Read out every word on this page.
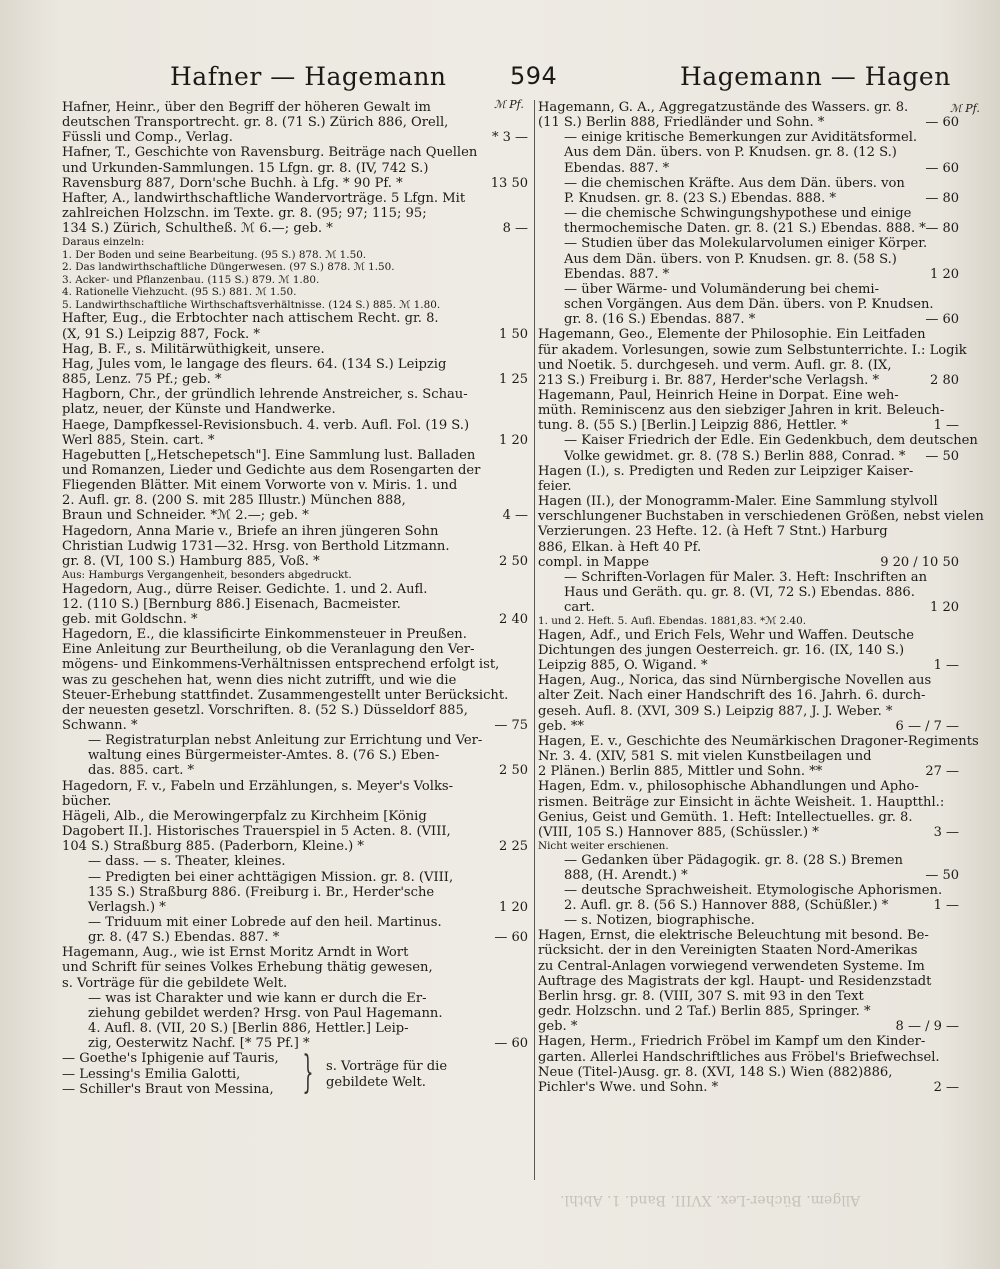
Hafner — Hagemann	594	Hagemann — Hagen
ℳ Pf.	ℳ Pf.
Hafner, Heinr., über den Begriff der höheren Gewalt im
deutschen Transportrecht. gr. 8. (71 S.) Zürich 886, Orell,
Füssli und Comp., Verlag.	* 3 —
Hafner, T., Geschichte von Ravensburg. Beiträge nach Quellen
und Urkunden-Sammlungen. 15 Lfgn. gr. 8. (IV, 742 S.)
Ravensburg 887, Dorn'sche Buchh. à Lfg. * 90 Pf. *	13 50
Hafter, A., landwirthschaftliche Wandervorträge. 5 Lfgn. Mit
zahlreichen Holzschn. im Texte. gr. 8. (95; 97; 115; 95;
134 S.) Zürich, Schultheß. ℳ 6.—; geb. *	8 —
Daraus einzeln:
1. Der Boden und seine Bearbeitung. (95 S.) 878. ℳ 1.50.
2. Das landwirthschaftliche Düngerwesen. (97 S.) 878. ℳ 1.50.
3. Acker- und Pflanzenbau. (115 S.) 879. ℳ 1.80.
4. Rationelle Viehzucht. (95 S.) 881. ℳ 1.50.
5. Landwirthschaftliche Wirthschaftsverhältnisse. (124 S.) 885. ℳ 1.80.
Hafter, Eug., die Erbtochter nach attischem Recht. gr. 8.
(X, 91 S.) Leipzig 887, Fock. *	1 50
Hag, B. F., s. Militärwüthigkeit, unsere.
Hag, Jules vom, le langage des fleurs. 64. (134 S.) Leipzig
885, Lenz. 75 Pf.; geb. *	1 25
Hagborn, Chr., der gründlich lehrende Anstreicher, s. Schau-
platz, neuer, der Künste und Handwerke.
Haege, Dampfkessel-Revisionsbuch. 4. verb. Aufl. Fol. (19 S.)
Werl 885, Stein. cart. *	1 20
Hagebutten [„Hetschepetsch"]. Eine Sammlung lust. Balladen
und Romanzen, Lieder und Gedichte aus dem Rosengarten der
Fliegenden Blätter. Mit einem Vorworte von v. Miris. 1. und
2. Aufl. gr. 8. (200 S. mit 285 Illustr.) München 888,
Braun und Schneider. *ℳ 2.—; geb. *	4 —
Hagedorn, Anna Marie v., Briefe an ihren jüngeren Sohn
Christian Ludwig 1731—32. Hrsg. von Berthold Litzmann.
gr. 8. (VI, 100 S.) Hamburg 885, Voß. *	2 50
Aus: Hamburgs Vergangenheit, besonders abgedruckt.
Hagedorn, Aug., dürre Reiser. Gedichte. 1. und 2. Aufl.
12. (110 S.) [Bernburg 886.] Eisenach, Bacmeister.
geb. mit Goldschn. *	2 40
Hagedorn, E., die klassificirte Einkommensteuer in Preußen.
Eine Anleitung zur Beurtheilung, ob die Veranlagung den Ver-
mögens- und Einkommens-Verhältnissen entsprechend erfolgt ist,
was zu geschehen hat, wenn dies nicht zutrifft, und wie die
Steuer-Erhebung stattfindet. Zusammengestellt unter Berücksicht.
der neuesten gesetzl. Vorschriften. 8. (52 S.) Düsseldorf 885,
Schwann. *	— 75
— Registraturplan nebst Anleitung zur Errichtung und Ver-
waltung eines Bürgermeister-Amtes. 8. (76 S.) Eben-
das. 885. cart. *	2 50
Hagedorn, F. v., Fabeln und Erzählungen, s. Meyer's Volks-
bücher.
Hägeli, Alb., die Merowingerpfalz zu Kirchheim [König
Dagobert II.]. Historisches Trauerspiel in 5 Acten. 8. (VIII,
104 S.) Straßburg 885. (Paderborn, Kleine.) *	2 25
— dass. — s. Theater, kleines.
— Predigten bei einer achttägigen Mission. gr. 8. (VIII,
135 S.) Straßburg 886. (Freiburg i. Br., Herder'sche
Verlagsh.) *	1 20
— Triduum mit einer Lobrede auf den heil. Martinus.
gr. 8. (47 S.) Ebendas. 887. *	— 60
Hagemann, Aug., wie ist Ernst Moritz Arndt in Wort
und Schrift für seines Volkes Erhebung thätig gewesen,
s. Vorträge für die gebildete Welt.
— was ist Charakter und wie kann er durch die Er-
ziehung gebildet werden? Hrsg. von Paul Hagemann.
4. Aufl. 8. (VII, 20 S.) [Berlin 886, Hettler.] Leip-
zig, Oesterwitz Nachf. [* 75 Pf.] *	— 60
— Goethe's Iphigenie auf Tauris,
— Lessing's Emilia Galotti,
— Schiller's Braut von Messina, } s. Vorträge für die gebildete Welt.
Hagemann, G. A., Aggregatzustände des Wassers. gr. 8.
(11 S.) Berlin 888, Friedländer und Sohn. *	— 60
— einige kritische Bemerkungen zur Aviditätsformel.
Aus dem Dän. übers. von P. Knudsen. gr. 8. (12 S.)
Ebendas. 887. *	— 60
— die chemischen Kräfte. Aus dem Dän. übers. von
P. Knudsen. gr. 8. (23 S.) Ebendas. 888. *	— 80
— die chemische Schwingungshypothese und einige
thermochemische Daten. gr. 8. (21 S.) Ebendas. 888. * — 80
— Studien über das Molekularvolumen einiger Körper.
Aus dem Dän. übers. von P. Knudsen. gr. 8. (58 S.)
Ebendas. 887. *	1 20
— über Wärme- und Volumänderung bei chemi-
schen Vorgängen. Aus dem Dän. übers. von P. Knudsen.
gr. 8. (16 S.) Ebendas. 887. *	— 60
Hagemann, Geo., Elemente der Philosophie. Ein Leitfaden
für akadem. Vorlesungen, sowie zum Selbstunterrichte. I.: Logik
und Noetik. 5. durchgeseh. und verm. Aufl. gr. 8. (IX,
213 S.) Freiburg i. Br. 887, Herder'sche Verlagsh. *	2 80
Hagemann, Paul, Heinrich Heine in Dorpat. Eine weh-
müth. Reminiscenz aus den siebziger Jahren in krit. Beleuch-
tung. 8. (55 S.) [Berlin.] Leipzig 886, Hettler. *	1 —
— Kaiser Friedrich der Edle. Ein Gedenkbuch, dem deutschen
Volke gewidmet. gr. 8. (78 S.) Berlin 888, Conrad. *	— 50
Hagen (I.), s. Predigten und Reden zur Leipziger Kaiser-
feier.
Hagen (II.), der Monogramm-Maler. Eine Sammlung stylvoll
verschlungener Buchstaben in verschiedenen Größen, nebst vielen
Verzierungen. 23 Hefte. 12. (à Heft 7 Stnt.) Harburg
886, Elkan. à Heft 40 Pf.
compl. in Mappe	9 20 / 10 50
— Schriften-Vorlagen für Maler. 3. Heft: Inschriften an
Haus und Geräth. qu. gr. 8. (VI, 72 S.) Ebendas. 886.
cart.	1 20
1. und 2. Heft. 5. Aufl. Ebendas. 1881,83. *ℳ 2.40.
Hagen, Adf., und Erich Fels, Wehr und Waffen. Deutsche
Dichtungen des jungen Oesterreich. gr. 16. (IX, 140 S.)
Leipzig 885, O. Wigand. *	1 —
Hagen, Aug., Norica, das sind Nürnbergische Novellen aus
alter Zeit. Nach einer Handschrift des 16. Jahrh. 6. durch-
geseh. Aufl. 8. (XVI, 309 S.) Leipzig 887, J. J. Weber. *
geb. **	6 — / 7 —
Hagen, E. v., Geschichte des Neumärkischen Dragoner-Regiments
Nr. 3. 4. (XIV, 581 S. mit vielen Kunstbeilagen und
2 Plänen.) Berlin 885, Mittler und Sohn. **	27 —
Hagen, Edm. v., philosophische Abhandlungen und Apho-
rismen. Beiträge zur Einsicht in ächte Weisheit. 1. Hauptthl.:
Genius, Geist und Gemüth. 1. Heft: Intellectuelles. gr. 8.
(VIII, 105 S.) Hannover 885, (Schüssler.) *	3 —
Nicht weiter erschienen.
— Gedanken über Pädagogik. gr. 8. (28 S.) Bremen
888, (H. Arendt.) *	— 50
— deutsche Sprachweisheit. Etymologische Aphorismen.
2. Aufl. gr. 8. (56 S.) Hannover 888, (Schüßler.) *	1 —
— s. Notizen, biographische.
Hagen, Ernst, die elektrische Beleuchtung mit besond. Be-
rücksicht. der in den Vereinigten Staaten Nord-Amerikas
zu Central-Anlagen vorwiegend verwendeten Systeme. Im
Auftrage des Magistrats der kgl. Haupt- und Residenzstadt
Berlin hrsg. gr. 8. (VIII, 307 S. mit 93 in den Text
gedr. Holzschn. und 2 Taf.) Berlin 885, Springer. *
geb. *	8 — / 9 —
Hagen, Herm., Friedrich Fröbel im Kampf um den Kinder-
garten. Allerlei Handschriftliches aus Fröbel's Briefwechsel.
Neue (Titel-)Ausg. gr. 8. (XVI, 148 S.) Wien (882)886,
Pichler's Wwe. und Sohn. *	2 —
Allgem. Bücher-Lex. XVIII. Band. 1. Abthl.
